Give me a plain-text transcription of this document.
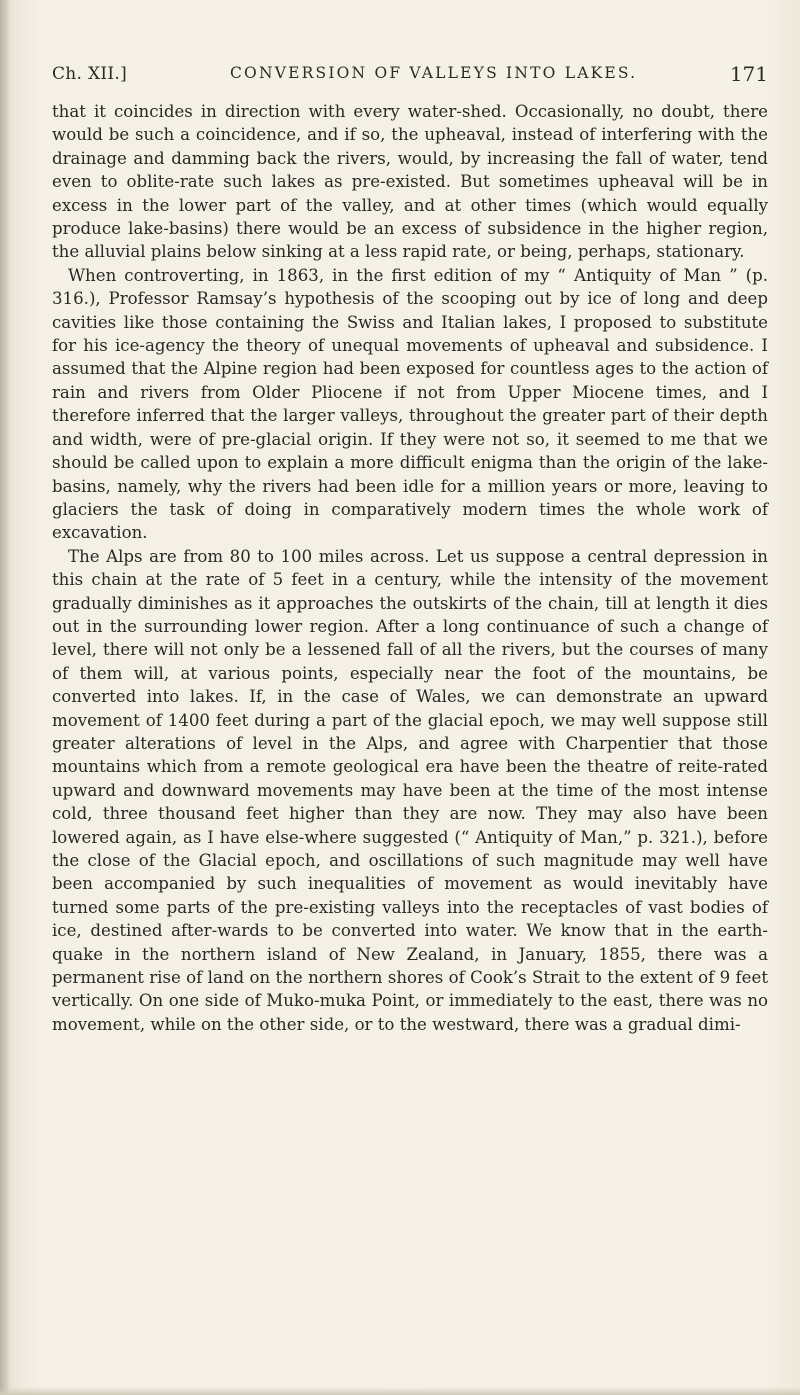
Ch. XII.]	CONVERSION OF VALLEYS INTO LAKES.	171

that it coincides in direction with every water-shed. Occasionally, no doubt, there would be such a coincidence, and if so, the upheaval, instead of interfering with the drainage and damming back the rivers, would, by increasing the fall of water, tend even to oblite-rate such lakes as pre-existed. But sometimes upheaval will be in excess in the lower part of the valley, and at other times (which would equally produce lake-basins) there would be an excess of subsidence in the higher region, the alluvial plains below sinking at a less rapid rate, or being, perhaps, stationary.

When controverting, in 1863, in the first edition of my “ Antiquity of Man ” (p. 316.), Professor Ramsay’s hypothesis of the scooping out by ice of long and deep cavities like those containing the Swiss and Italian lakes, I proposed to substitute for his ice-agency the theory of unequal movements of upheaval and subsidence. I assumed that the Alpine region had been exposed for countless ages to the action of rain and rivers from Older Pliocene if not from Upper Miocene times, and I therefore inferred that the larger valleys, throughout the greater part of their depth and width, were of pre-glacial origin. If they were not so, it seemed to me that we should be called upon to explain a more difficult enigma than the origin of the lake-basins, namely, why the rivers had been idle for a million years or more, leaving to glaciers the task of doing in comparatively modern times the whole work of excavation.

The Alps are from 80 to 100 miles across. Let us suppose a central depression in this chain at the rate of 5 feet in a century, while the intensity of the movement gradually diminishes as it approaches the outskirts of the chain, till at length it dies out in the surrounding lower region. After a long continuance of such a change of level, there will not only be a lessened fall of all the rivers, but the courses of many of them will, at various points, especially near the foot of the mountains, be converted into lakes. If, in the case of Wales, we can demonstrate an upward movement of 1400 feet during a part of the glacial epoch, we may well suppose still greater alterations of level in the Alps, and agree with Charpentier that those mountains which from a remote geological era have been the theatre of reite-rated upward and downward movements may have been at the time of the most intense cold, three thousand feet higher than they are now. They may also have been lowered again, as I have else-where suggested (“ Antiquity of Man,” p. 321.), before the close of the Glacial epoch, and oscillations of such magnitude may well have been accompanied by such inequalities of movement as would inevitably have turned some parts of the pre-existing valleys into the receptacles of vast bodies of ice, destined after-wards to be converted into water. We know that in the earth-quake in the northern island of New Zealand, in January, 1855, there was a permanent rise of land on the northern shores of Cook’s Strait to the extent of 9 feet vertically. On one side of Muko-muka Point, or immediately to the east, there was no movement, while on the other side, or to the westward, there was a gradual dimi-
